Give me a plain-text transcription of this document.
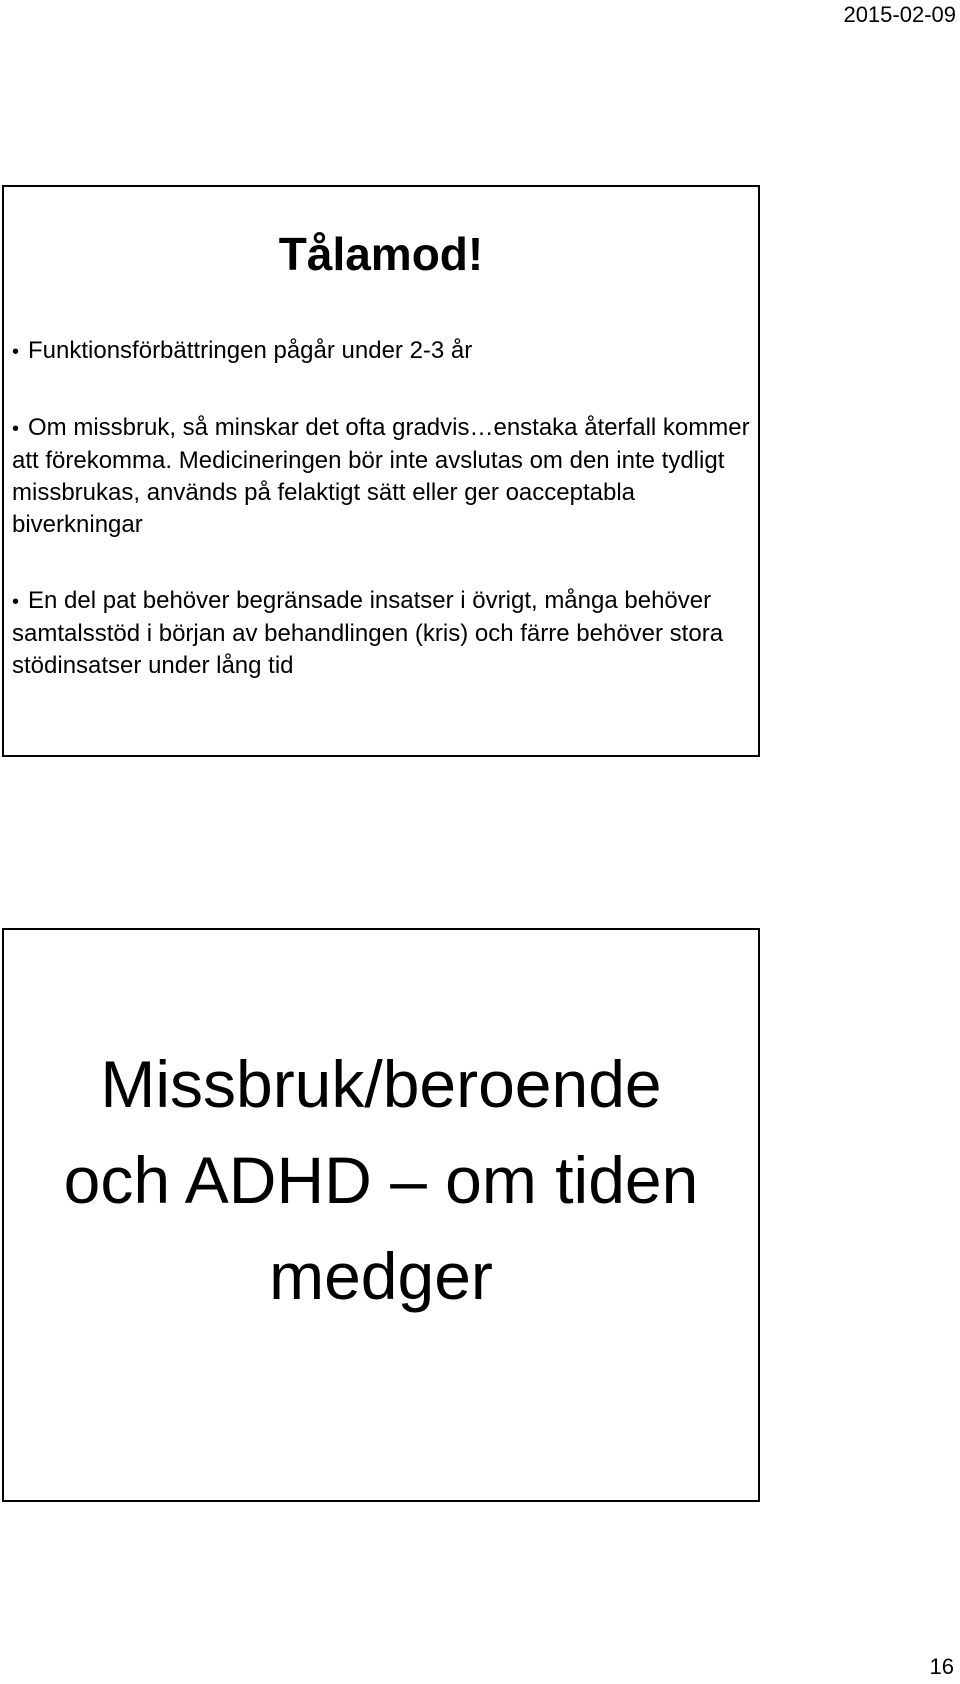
2015-02-09
Tålamod!
• Funktionsförbättringen pågår under 2-3 år
• Om missbruk, så minskar det ofta gradvis…enstaka återfall kommer att förekomma. Medicineringen bör inte avslutas om den inte tydligt missbrukas, används på felaktigt sätt eller ger oacceptabla biverkningar
• En del pat behöver begränsade insatser i övrigt, många behöver samtalsstöd i början av behandlingen (kris) och färre behöver stora stödinsatser under lång tid
Missbruk/beroende
och ADHD – om tiden
medger
16
